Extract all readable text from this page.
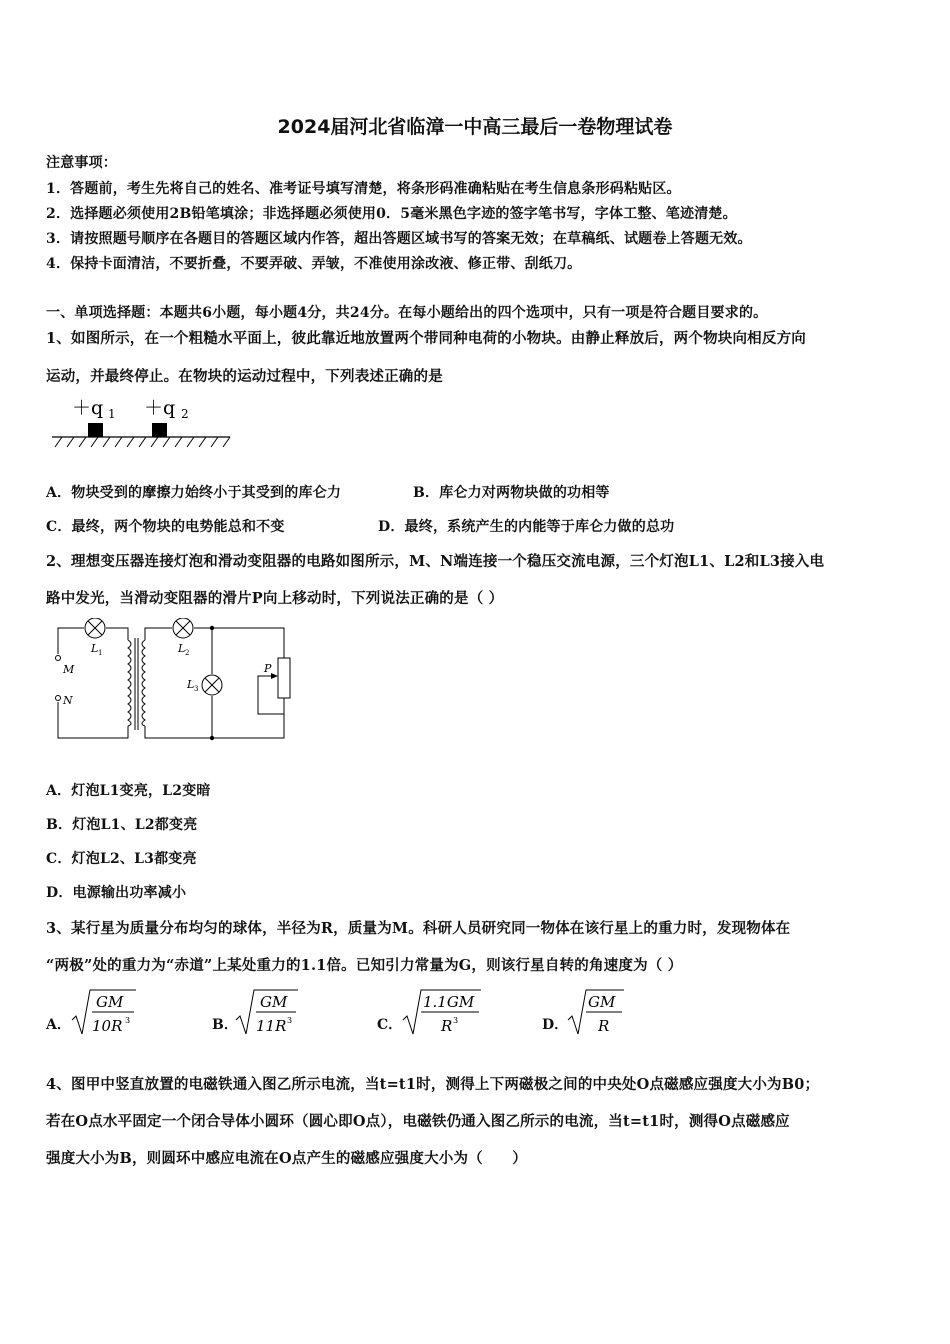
2024届河北省临漳一中高三最后一卷物理试卷
注意事项：
1．答题前，考生先将自己的姓名、准考证号填写清楚，将条形码准确粘贴在考生信息条形码粘贴区。
2．选择题必须使用2B铅笔填涂；非选择题必须使用0．5毫米黑色字迹的签字笔书写，字体工整、笔迹清楚。
3．请按照题号顺序在各题目的答题区域内作答，超出答题区域书写的答案无效；在草稿纸、试题卷上答题无效。
4．保持卡面清洁，不要折叠，不要弄破、弄皱，不准使用涂改液、修正带、刮纸刀。
一、单项选择题：本题共6小题，每小题4分，共24分。在每小题给出的四个选项中，只有一项是符合题目要求的。
1、如图所示，在一个粗糙水平面上，彼此靠近地放置两个带同种电荷的小物块。由静止释放后，两个物块向相反方向
运动，并最终停止。在物块的运动过程中，下列表述正确的是
＋q 1 ＋q 2
A．物块受到的摩擦力始终小于其受到的库仑力	B．库仑力对两物块做的功相等
C．最终，两个物块的电势能总和不变	D．最终，系统产生的内能等于库仑力做的总功
2、理想变压器连接灯泡和滑动变阻器的电路如图所示，M、N端连接一个稳压交流电源，三个灯泡L1、L2和L3接入电
路中发光，当滑动变阻器的滑片P向上移动时，下列说法正确的是（ ）
M
N
L 1	L 2
L 3
P
A．灯泡L1变亮，L2变暗
B．灯泡L1、L2都变亮
C．灯泡L2、L3都变亮
D．电源输出功率减小
3、某行星为质量分布均匀的球体，半径为R，质量为M。科研人员研究同一物体在该行星上的重力时，发现物体在
“两极”处的重力为“赤道”上某处重力的1.1倍。已知引力常量为G，则该行星自转的角速度为（ ）
A．
GM
10R 3	B．
GM
11R 3	C．
1.1GM
R 3	D．
GM
R
4、图甲中竖直放置的电磁铁通入图乙所示电流，当t=t1时，测得上下两磁极之间的中央处O点磁感应强度大小为B0；
若在O点水平固定一个闭合导体小圆环（圆心即O点），电磁铁仍通入图乙所示的电流，当t=t1时，测得O点磁感应
强度大小为B，则圆环中感应电流在O点产生的磁感应强度大小为（　　）
